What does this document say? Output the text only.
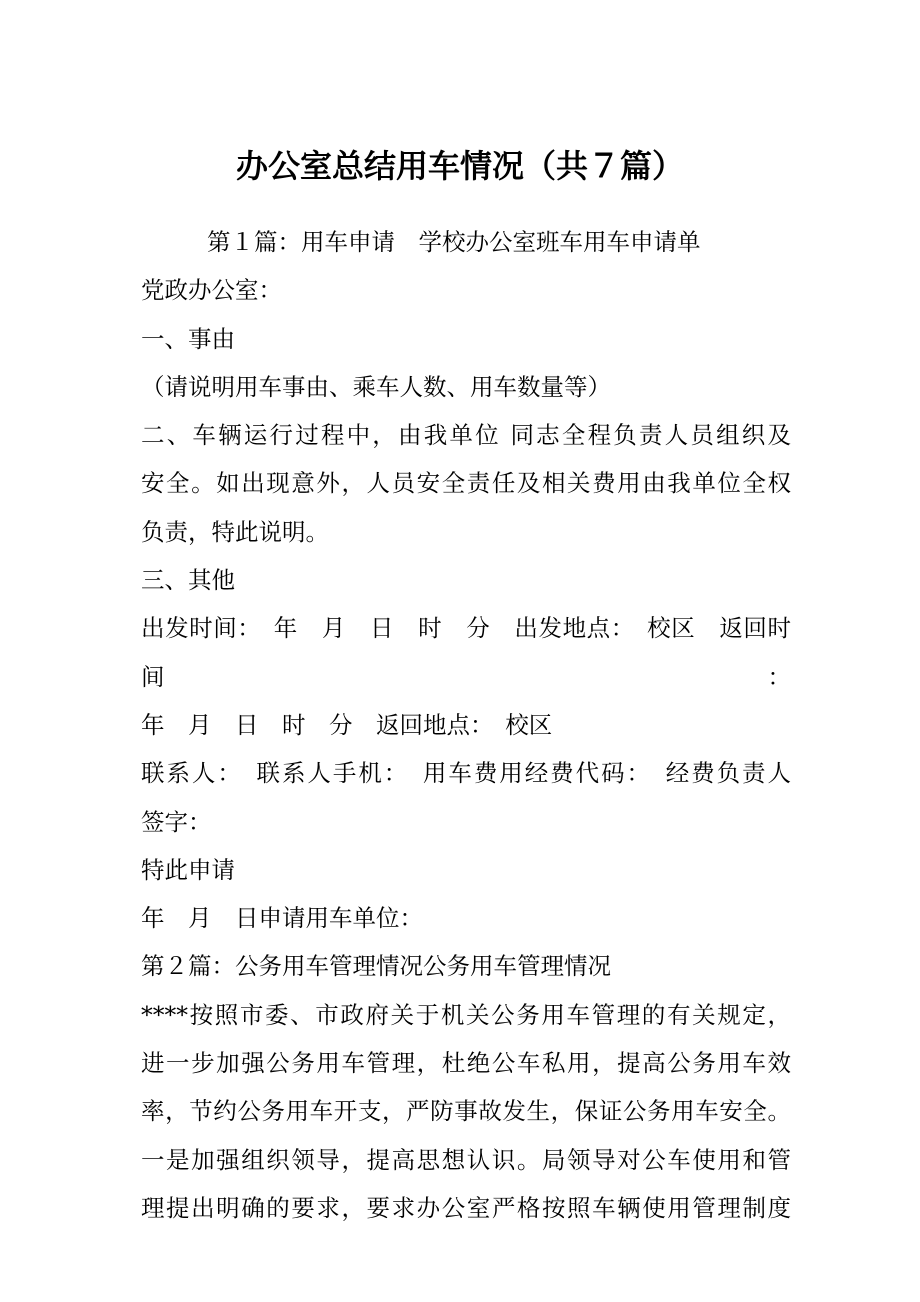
办公室总结用车情况（共７篇）

第１篇：用车申请　学校办公室班车用车申请单

党政办公室：

一、事由

（请说明用车事由、乘车人数、用车数量等）

二、车辆运行过程中，由我单位 同志全程负责人员组织及

安全。如出现意外，人员安全责任及相关费用由我单位全权

负责，特此说明。

三、其他

出发时间：　年　月　日　时　分　出发地点：　校区　返回时间：

年　月　日　时　分　返回地点：　校区

联系人：　联系人手机：　用车费用经费代码：　经费负责人

签字：

特此申请

年　月　日申请用车单位：

第２篇：公务用车管理情况公务用车管理情况

****按照市委、市政府关于机关公务用车管理的有关规定，

进一步加强公务用车管理，杜绝公车私用，提高公务用车效

率，节约公务用车开支，严防事故发生，保证公务用车安全。

一是加强组织领导，提高思想认识。局领导对公车使用和管

理提出明确的要求，要求办公室严格按照车辆使用管理制度
